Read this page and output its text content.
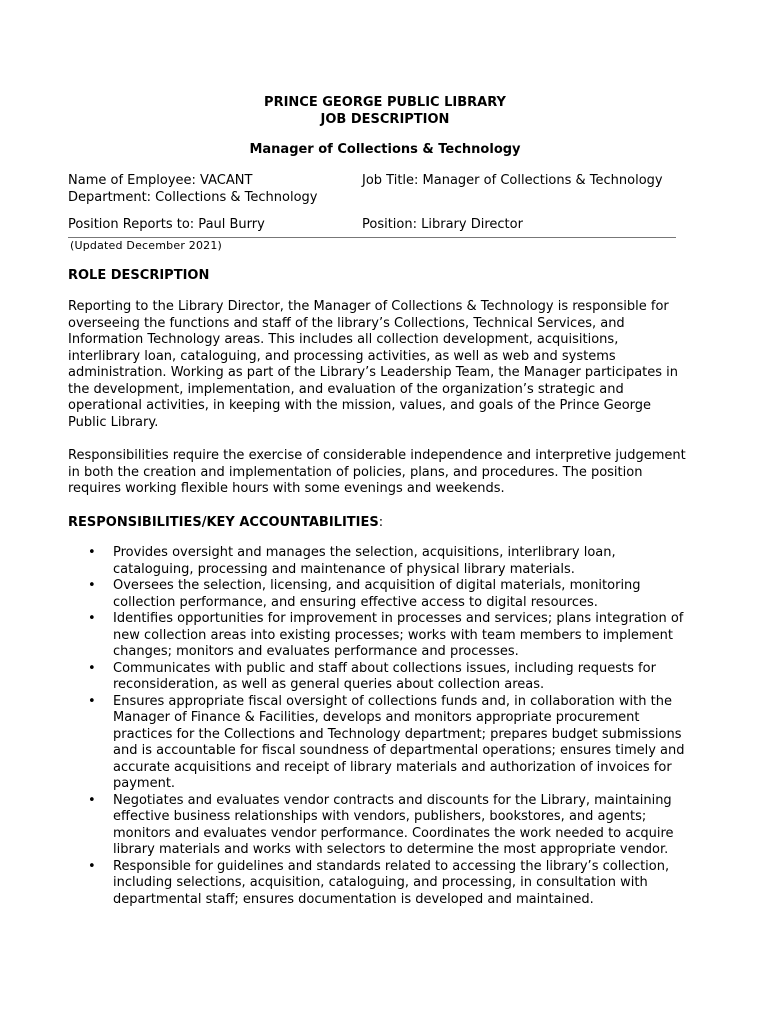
PRINCE GEORGE PUBLIC LIBRARY
JOB DESCRIPTION
Manager of Collections & Technology
Name of Employee: VACANT
Department: Collections & Technology
Job Title: Manager of Collections & Technology
Position Reports to: Paul Burry	Position: Library Director
(Updated December 2021)
ROLE DESCRIPTION
Reporting to the Library Director, the Manager of Collections & Technology is responsible for
overseeing the functions and staff of the library’s Collections, Technical Services, and
Information Technology areas. This includes all collection development, acquisitions,
interlibrary loan, cataloguing, and processing activities, as well as web and systems
administration. Working as part of the Library’s Leadership Team, the Manager participates in
the development, implementation, and evaluation of the organization’s strategic and
operational activities, in keeping with the mission, values, and goals of the Prince George
Public Library.
Responsibilities require the exercise of considerable independence and interpretive judgement
in both the creation and implementation of policies, plans, and procedures. The position
requires working flexible hours with some evenings and weekends.
RESPONSIBILITIES/KEY ACCOUNTABILITIES:
• Provides oversight and manages the selection, acquisitions, interlibrary loan,
cataloguing, processing and maintenance of physical library materials.
• Oversees the selection, licensing, and acquisition of digital materials, monitoring
collection performance, and ensuring effective access to digital resources.
• Identifies opportunities for improvement in processes and services; plans integration of
new collection areas into existing processes; works with team members to implement
changes; monitors and evaluates performance and processes.
• Communicates with public and staff about collections issues, including requests for
reconsideration, as well as general queries about collection areas.
• Ensures appropriate fiscal oversight of collections funds and, in collaboration with the
Manager of Finance & Facilities, develops and monitors appropriate procurement
practices for the Collections and Technology department; prepares budget submissions
and is accountable for fiscal soundness of departmental operations; ensures timely and
accurate acquisitions and receipt of library materials and authorization of invoices for
payment.
• Negotiates and evaluates vendor contracts and discounts for the Library, maintaining
effective business relationships with vendors, publishers, bookstores, and agents;
monitors and evaluates vendor performance. Coordinates the work needed to acquire
library materials and works with selectors to determine the most appropriate vendor.
• Responsible for guidelines and standards related to accessing the library’s collection,
including selections, acquisition, cataloguing, and processing, in consultation with
departmental staff; ensures documentation is developed and maintained.
